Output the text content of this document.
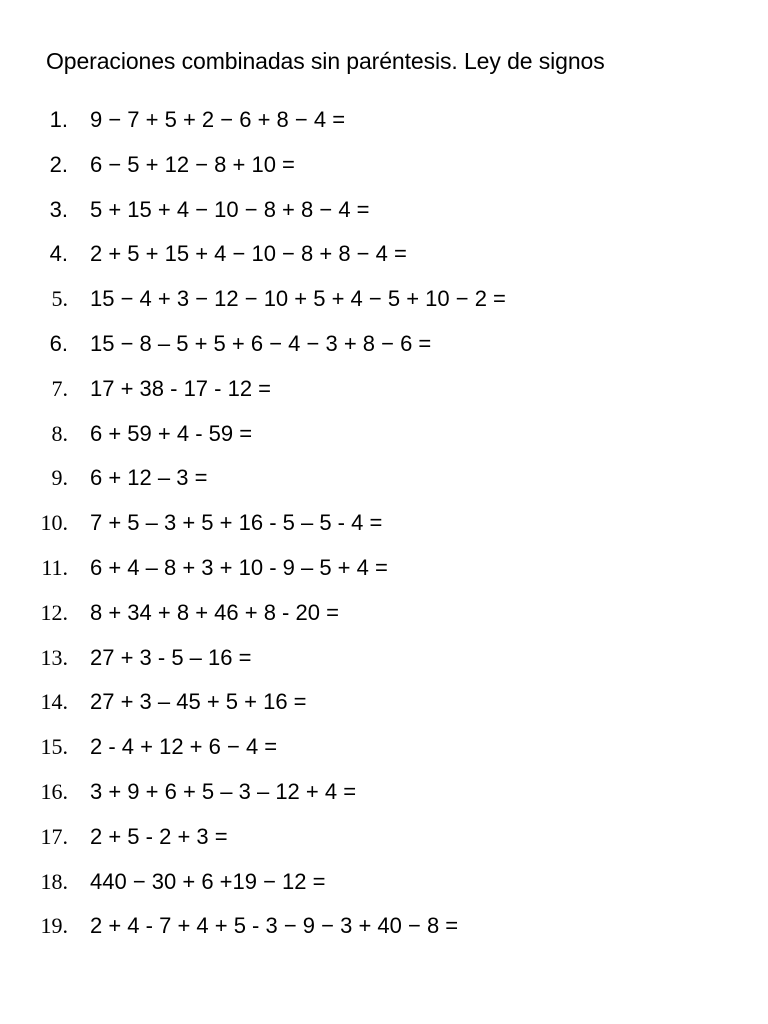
Operaciones combinadas sin paréntesis. Ley de signos
1. 9 − 7 + 5 + 2 − 6 + 8 − 4 =
2. 6 − 5 + 12 − 8 + 10 =
3. 5 + 15 + 4 − 10 − 8 + 8 − 4 =
4. 2 + 5 + 15 + 4 − 10 − 8 + 8 − 4 =
5. 15 − 4 + 3 − 12 − 10 + 5 + 4 − 5 + 10 − 2 =
6. 15 − 8 – 5 + 5 + 6 − 4 − 3 + 8 − 6 =
7. 17 + 38 - 17 - 12 =
8. 6 + 59 + 4 - 59 =
9. 6 + 12 – 3 =
10. 7 + 5 – 3 + 5 + 16 - 5 – 5 - 4 =
11. 6 + 4 – 8 + 3 + 10 - 9 – 5 + 4 =
12. 8 + 34 + 8 + 46 + 8 - 20 =
13. 27 + 3 - 5 – 16 =
14. 27 + 3 – 45 + 5 + 16 =
15. 2 - 4 + 12 + 6 − 4 =
16. 3 + 9 + 6 + 5 – 3 – 12 + 4 =
17. 2 + 5 - 2 + 3 =
18. 440 − 30 + 6 +19 − 12 =
19. 2 + 4 - 7 + 4 + 5 - 3 − 9 − 3 + 40 − 8 =
